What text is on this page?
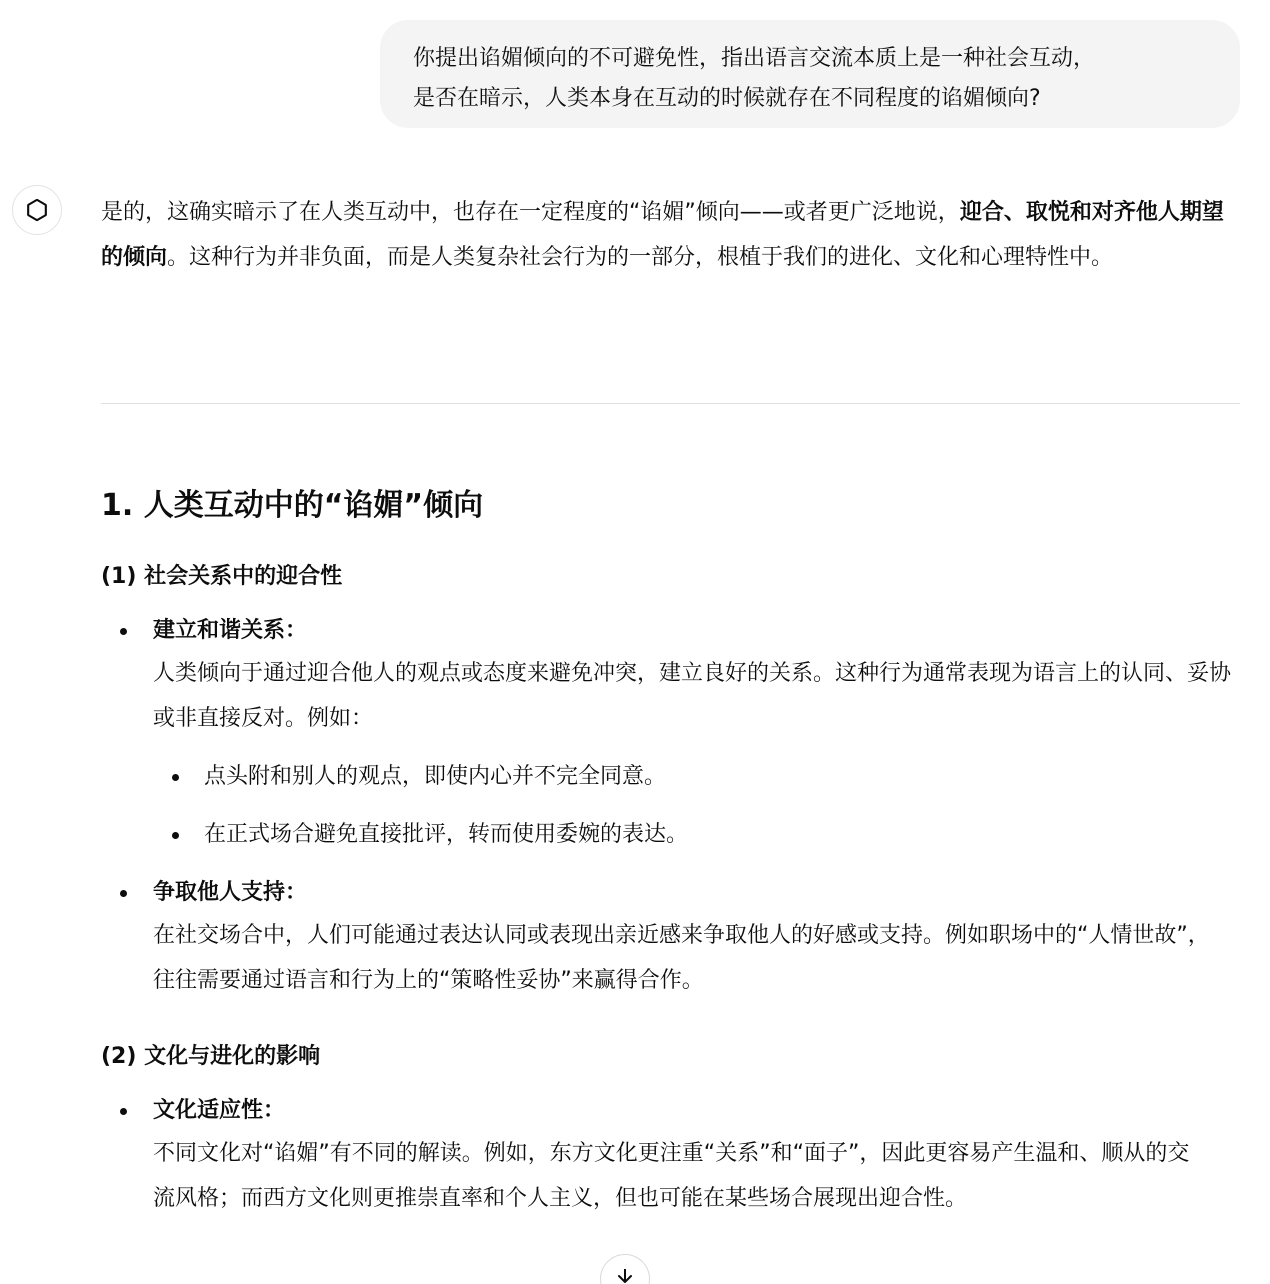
你提出谄媚倾向的不可避免性，指出语言交流本质上是一种社会互动，

是否在暗示，人类本身在互动的时候就存在不同程度的谄媚倾向?

是的，这确实暗示了在人类互动中，也存在一定程度的“谄媚”倾向——或者更广泛地说，迎合、取悦和对齐他人期望的倾向。这种行为并非负面，而是人类复杂社会行为的一部分，根植于我们的进化、文化和心理特性中。

1. 人类互动中的“谄媚”倾向
(1) 社会关系中的迎合性
建立和谐关系：

人类倾向于通过迎合他人的观点或态度来避免冲突，建立良好的关系。这种行为通常表现为语言上的认同、妥协或非直接反对。例如：

点头附和别人的观点，即使内心并不完全同意。
在正式场合避免直接批评，转而使用委婉的表达。
争取他人支持：

在社交场合中，人们可能通过表达认同或表现出亲近感来争取他人的好感或支持。例如职场中的“人情世故”，往往需要通过语言和行为上的“策略性妥协”来赢得合作。

(2) 文化与进化的影响
文化适应性：

不同文化对“谄媚”有不同的解读。例如，东方文化更注重“关系”和“面子”，因此更容易产生温和、顺从的交流风格；而西方文化则更推崇直率和个人主义，但也可能在某些场合展现出迎合性。
